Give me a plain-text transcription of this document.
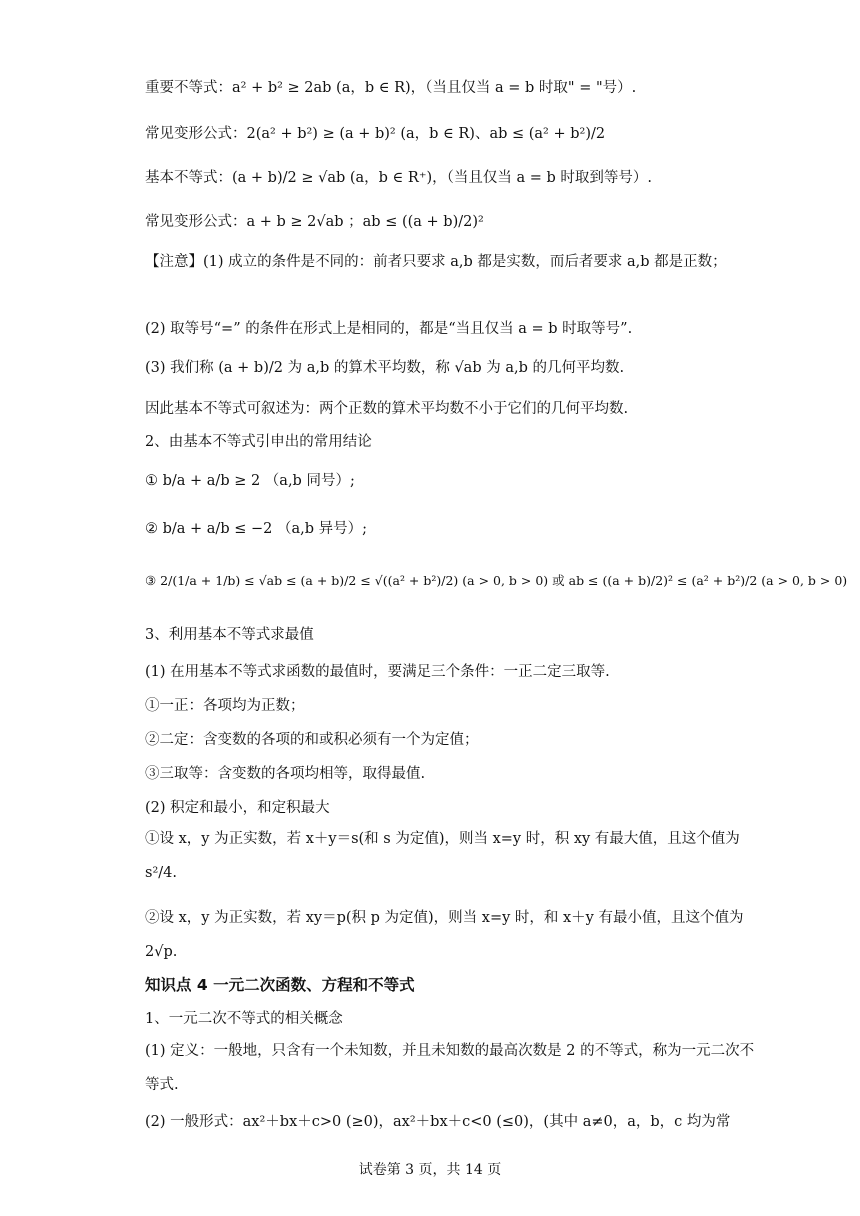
重要不等式：a² + b² ≥ 2ab (a，b ∈ R)，（当且仅当 a = b 时取" = "号）.
常见变形公式：2(a² + b²) ≥ (a + b)² (a，b ∈ R)、ab ≤ (a² + b²)/2
基本不等式：(a + b)/2 ≥ √ab (a，b ∈ R⁺)，（当且仅当 a = b 时取到等号）.
常见变形公式：a + b ≥ 2√ab ；ab ≤ ((a + b)/2)²
【注意】(1) 成立的条件是不同的：前者只要求 a,b 都是实数，而后者要求 a,b 都是正数；
(2) 取等号“=” 的条件在形式上是相同的，都是“当且仅当 a = b 时取等号”.
(3) 我们称 (a + b)/2 为 a,b 的算术平均数，称 √ab 为 a,b 的几何平均数.
因此基本不等式可叙述为：两个正数的算术平均数不小于它们的几何平均数.
2、由基本不等式引申出的常用结论
① b/a + a/b ≥ 2 （a,b 同号）;
② b/a + a/b ≤ −2 （a,b 异号）;
③ 2/(1/a + 1/b) ≤ √ab ≤ (a + b)/2 ≤ √((a² + b²)/2) (a > 0, b > 0) 或 ab ≤ ((a + b)/2)² ≤ (a² + b²)/2 (a > 0, b > 0)
3、利用基本不等式求最值
(1) 在用基本不等式求函数的最值时，要满足三个条件：一正二定三取等.
①一正：各项均为正数；
②二定：含变数的各项的和或积必须有一个为定值；
③三取等：含变数的各项均相等，取得最值.
(2) 积定和最小，和定积最大
①设 x，y 为正实数，若 x＋y＝s(和 s 为定值)，则当 x=y 时，积 xy 有最大值，且这个值为 s²/4.
②设 x，y 为正实数，若 xy＝p(积 p 为定值)，则当 x=y 时，和 x＋y 有最小值，且这个值为 2√p.
知识点 4 一元二次函数、方程和不等式
1、一元二次不等式的相关概念
(1) 定义：一般地，只含有一个未知数，并且未知数的最高次数是 2 的不等式，称为一元二次不等式.
(2) 一般形式：ax²＋bx＋c>0 (≥0)，ax²＋bx＋c<0 (≤0)，(其中 a≠0，a，b，c 均为常
试卷第 3 页，共 14 页
